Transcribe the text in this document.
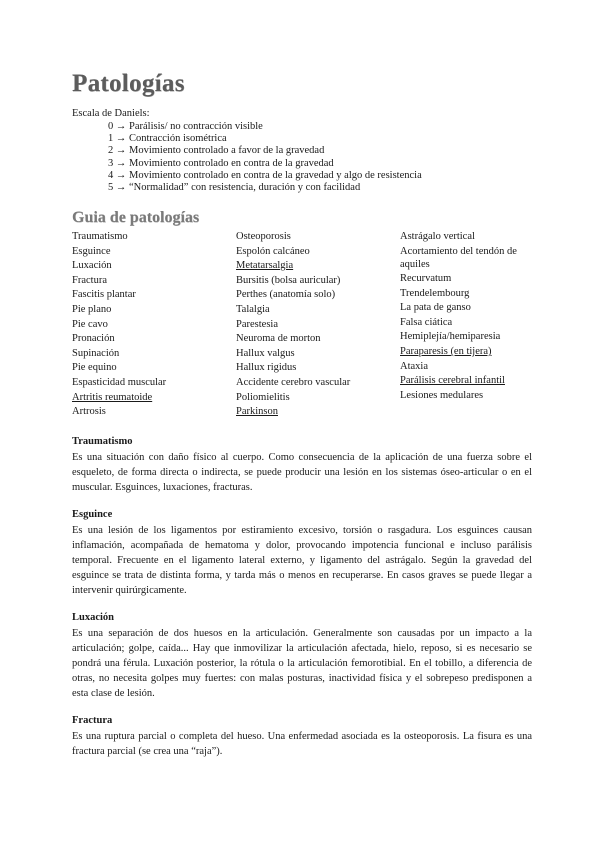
Patologías
Escala de Daniels:
0 → Parálisis/ no contracción visible
1 → Contracción isométrica
2 → Movimiento controlado a favor de la gravedad
3 → Movimiento controlado en contra de la gravedad
4 → Movimiento controlado en contra de la gravedad y algo de resistencia
5 → “Normalidad” con resistencia, duración y con facilidad
Guia de patologías
Traumatismo
Esguince
Luxación
Fractura
Fascitis plantar
Pie plano
Pie cavo
Pronación
Supinación
Pie equino
Espasticidad muscular
Artritis reumatoide
Artrosis
Osteoporosis
Espolón calcáneo
Metatarsalgia
Bursitis (bolsa auricular)
Perthes (anatomía solo)
Talalgia
Parestesia
Neuroma de morton
Hallux valgus
Hallux rigidus
Accidente cerebro vascular
Poliomielitis
Parkinson
Astrágalo vertical
Acortamiento del tendón de aquiles
Recurvatum
Trendelembourg
La pata de ganso
Falsa ciática
Hemiplejía/hemiparesia
Paraparesis (en tijera)
Ataxia
Parálisis cerebral infantil
Lesiones medulares
Traumatismo

Es una situación con daño físico al cuerpo. Como consecuencia de la aplicación de una fuerza sobre el esqueleto, de forma directa o indirecta, se puede producir una lesión en los sistemas óseo-articular o en el muscular. Esguinces, luxaciones, fracturas.

Esguince

Es una lesión de los ligamentos por estiramiento excesivo, torsión o rasgadura. Los esguinces causan inflamación, acompañada de hematoma y dolor, provocando impotencia funcional e incluso parálisis temporal. Frecuente en el ligamento lateral externo, y ligamento del astrágalo. Según la gravedad del esguince se trata de distinta forma, y tarda más o menos en recuperarse. En casos graves se puede llegar a intervenir quirúrgicamente.

Luxación

Es una separación de dos huesos en la articulación. Generalmente son causadas por un impacto a la articulación; golpe, caída... Hay que inmovilizar la articulación afectada, hielo, reposo, si es necesario se pondrá una férula. Luxación posterior, la rótula o la articulación femorotibial. En el tobillo, a diferencia de otras, no necesita golpes muy fuertes: con malas posturas, inactividad física y el sobrepeso predisponen a esta clase de lesión.

Fractura

Es una ruptura parcial o completa del hueso. Una enfermedad asociada es la osteoporosis. La fisura es una fractura parcial (se crea una “raja”).
